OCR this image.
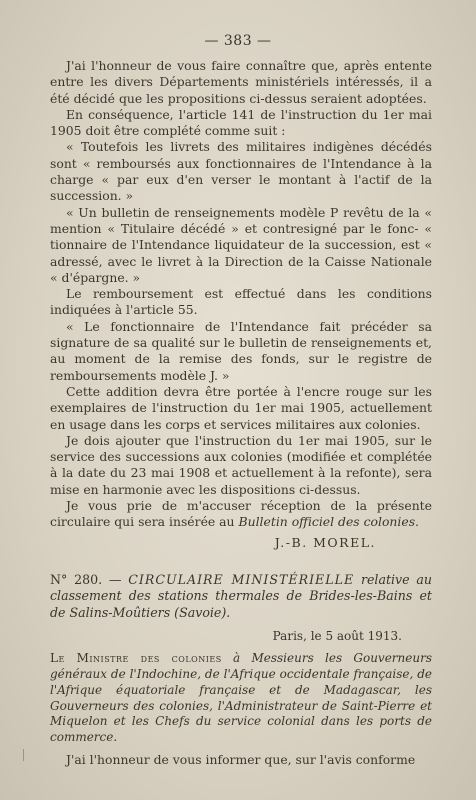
— 383 —

J'ai l'honneur de vous faire connaître que, après entente entre les divers Départements ministériels intéressés, il a été décidé que les propositions ci-dessus seraient adoptées.

En conséquence, l'article 141 de l'instruction du 1er mai 1905 doit être complété comme suit :

« Toutefois les livrets des militaires indigènes décédés sont « remboursés aux fonctionnaires de l'Intendance à la charge « par eux d'en verser le montant à l'actif de la succession. »

« Un bulletin de renseignements modèle P revêtu de la « mention « Titulaire décédé » et contresigné par le fonc- « tionnaire de l'Intendance liquidateur de la succession, est « adressé, avec le livret à la Direction de la Caisse Nationale « d'épargne. »

Le remboursement est effectué dans les conditions indiquées à l'article 55.

« Le fonctionnaire de l'Intendance fait précéder sa signature de sa qualité sur le bulletin de renseignements et, au moment de la remise des fonds, sur le registre de remboursements modèle J. »

Cette addition devra être portée à l'encre rouge sur les exemplaires de l'instruction du 1er mai 1905, actuellement en usage dans les corps et services militaires aux colonies.

Je dois ajouter que l'instruction du 1er mai 1905, sur le service des successions aux colonies (modifiée et complétée à la date du 23 mai 1908 et actuellement à la refonte), sera mise en harmonie avec les dispositions ci-dessus.

Je vous prie de m'accuser réception de la présente circulaire qui sera insérée au Bulletin officiel des colonies.

J.-B. MOREL.
N° 280. — CIRCULAIRE MINISTÉRIELLE relative au classement des stations thermales de Brides-les-Bains et de Salins-Moûtiers (Savoie).
Paris, le 5 août 1913.
Le Ministre des colonies à Messieurs les Gouverneurs généraux de l'Indochine, de l'Afrique occidentale française, de l'Afrique équatoriale française et de Madagascar, les Gouverneurs des colonies, l'Administrateur de Saint-Pierre et Miquelon et les Chefs du service colonial dans les ports de commerce.

J'ai l'honneur de vous informer que, sur l'avis conforme
